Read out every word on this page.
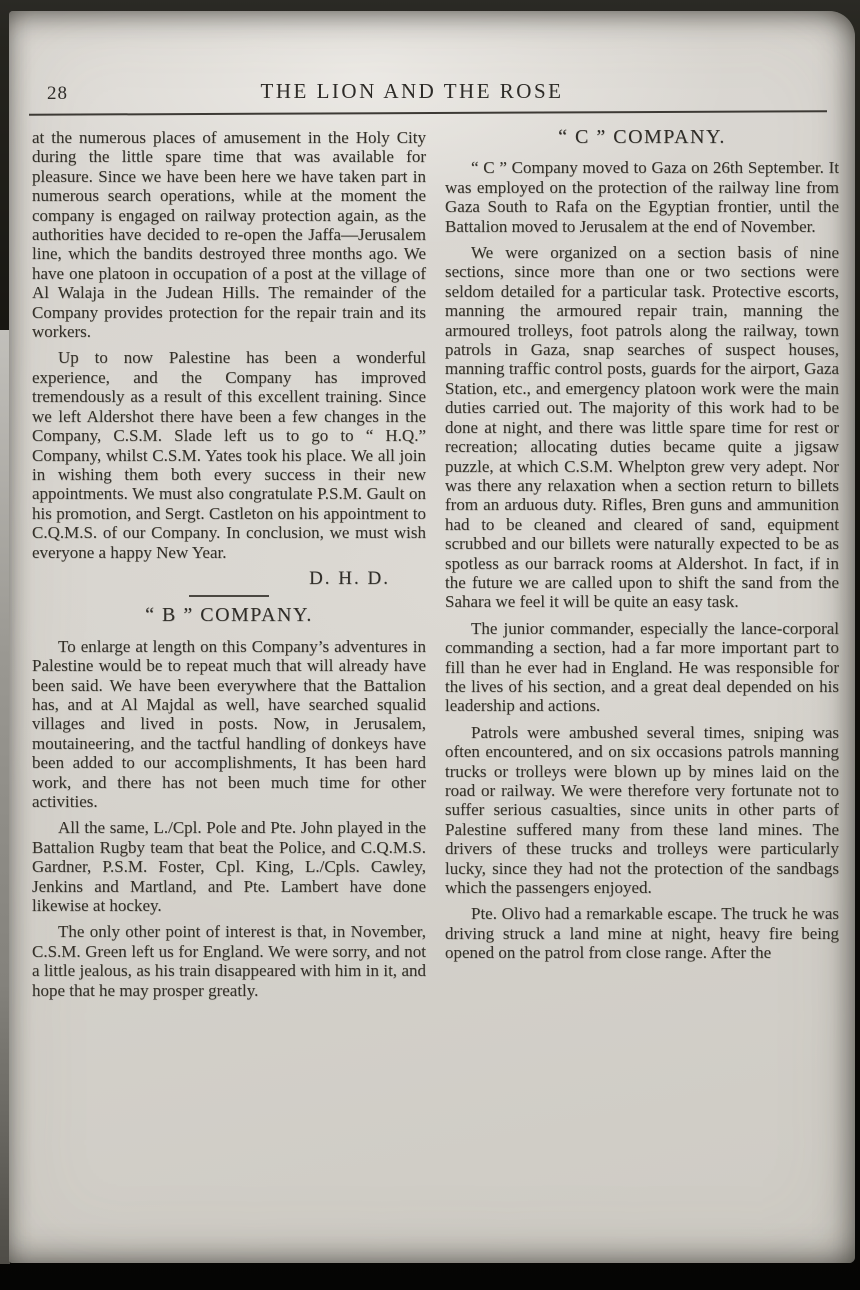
28	THE LION AND THE ROSE

at the numerous places of amusement in the Holy City during the little spare time that was available for pleasure. Since we have been here we have taken part in numerous search operations, while at the moment the company is engaged on railway protection again, as the authorities have decided to re-open the Jaffa—Jerusalem line, which the bandits destroyed three months ago. We have one platoon in occupation of a post at the village of Al Walaja in the Judean Hills. The remainder of the Company provides protection for the repair train and its workers.

Up to now Palestine has been a wonderful experience, and the Company has improved tremendously as a result of this excellent training. Since we left Aldershot there have been a few changes in the Company, C.S.M. Slade left us to go to “ H.Q.” Company, whilst C.S.M. Yates took his place. We all join in wishing them both every success in their new appointments. We must also congratulate P.S.M. Gault on his promotion, and Sergt. Castleton on his appointment to C.Q.M.S. of our Company. In conclusion, we must wish everyone a happy New Year.

D. H. D.

“ B ” COMPANY.

To enlarge at length on this Company’s adventures in Palestine would be to repeat much that will already have been said. We have been everywhere that the Battalion has, and at Al Majdal as well, have searched squalid villages and lived in posts. Now, in Jerusalem, moutaineering, and the tactful handling of donkeys have been added to our accomplishments, It has been hard work, and there has not been much time for other activities.

All the same, L./Cpl. Pole and Pte. John played in the Battalion Rugby team that beat the Police, and C.Q.M.S. Gardner, P.S.M. Foster, Cpl. King, L./Cpls. Cawley, Jenkins and Martland, and Pte. Lambert have done likewise at hockey.

The only other point of interest is that, in November, C.S.M. Green left us for England. We were sorry, and not a little jealous, as his train disappeared with him in it, and hope that he may prosper greatly.

“ C ” COMPANY.

“ C ” Company moved to Gaza on 26th September. It was employed on the protection of the railway line from Gaza South to Rafa on the Egyptian frontier, until the Battalion moved to Jerusalem at the end of November.

We were organized on a section basis of nine sections, since more than one or two sections were seldom detailed for a particular task. Protective escorts, manning the armoured repair train, manning the armoured trolleys, foot patrols along the railway, town patrols in Gaza, snap searches of suspect houses, manning traffic control posts, guards for the airport, Gaza Station, etc., and emergency platoon work were the main duties carried out. The majority of this work had to be done at night, and there was little spare time for rest or recreation; allocating duties became quite a jigsaw puzzle, at which C.S.M. Whelpton grew very adept. Nor was there any relaxation when a section return to billets from an arduous duty. Rifles, Bren guns and ammunition had to be cleaned and cleared of sand, equipment scrubbed and our billets were naturally expected to be as spotless as our barrack rooms at Aldershot. In fact, if in the future we are called upon to shift the sand from the Sahara we feel it will be quite an easy task.

The junior commander, especially the lance-corporal commanding a section, had a far more important part to fill than he ever had in England. He was responsible for the lives of his section, and a great deal depended on his leadership and actions.

Patrols were ambushed several times, sniping was often encountered, and on six occasions patrols manning trucks or trolleys were blown up by mines laid on the road or railway. We were therefore very fortunate not to suffer serious casualties, since units in other parts of Palestine suffered many from these land mines. The drivers of these trucks and trolleys were particularly lucky, since they had not the protection of the sandbags which the passengers enjoyed.

Pte. Olivo had a remarkable escape. The truck he was driving struck a land mine at night, heavy fire being opened on the patrol from close range. After the
